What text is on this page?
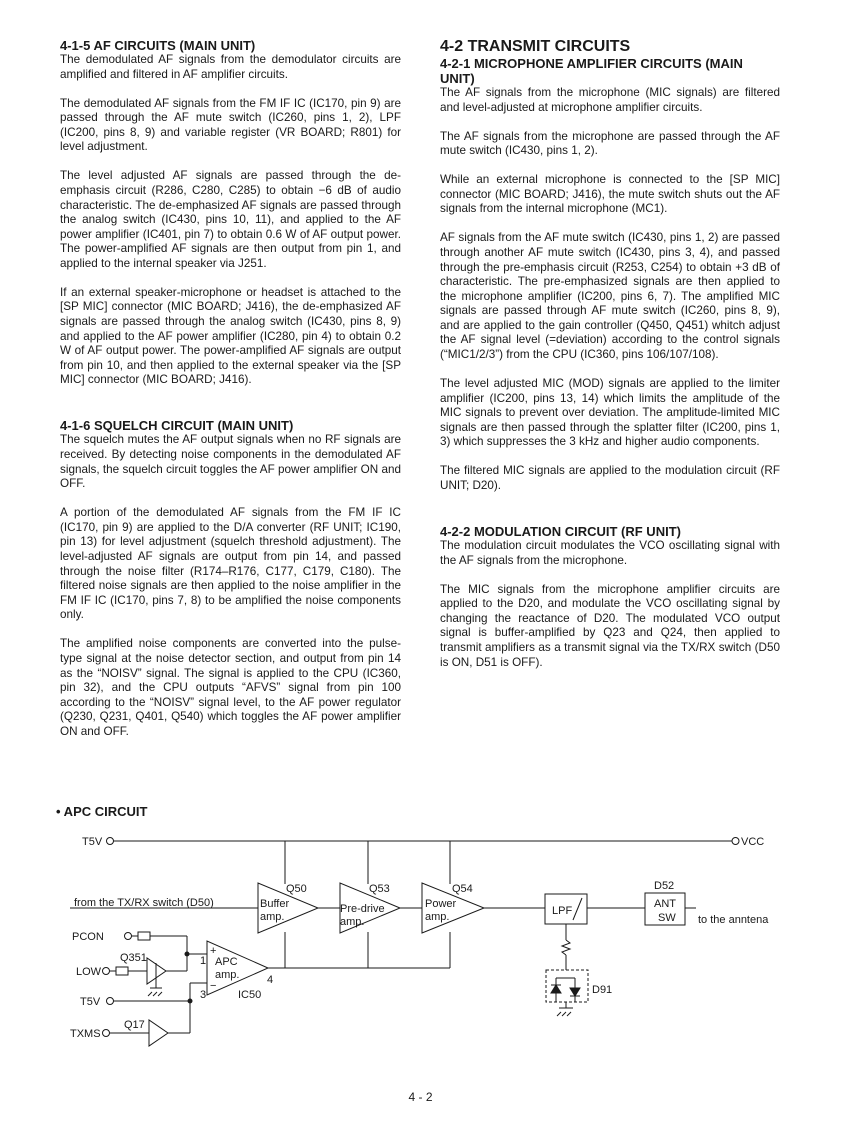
4-1-5 AF CIRCUITS (MAIN UNIT)

The demodulated AF signals from the demodulator circuits are amplified and filtered in AF amplifier circuits.

The demodulated AF signals from the FM IF IC (IC170, pin 9) are passed through the AF mute switch (IC260, pins 1, 2), LPF (IC200, pins 8, 9) and variable register (VR BOARD; R801) for level adjustment.

The level adjusted AF signals are passed through the de-emphasis circuit (R286, C280, C285) to obtain −6 dB of audio characteristic. The de-emphasized AF signals are passed through the analog switch (IC430, pins 10, 11), and applied to the AF power amplifier (IC401, pin 7) to obtain 0.6 W of AF output power. The power-amplified AF signals are then output from pin 1, and applied to the internal speaker via J251.

If an external speaker-microphone or headset is attached to the [SP MIC] connector (MIC BOARD; J416), the de-emphasized AF signals are passed through the analog switch (IC430, pins 8, 9) and applied to the AF power amplifier (IC280, pin 4) to obtain 0.2 W of AF output power. The power-amplified AF signals are output from pin 10, and then applied to the external speaker via the [SP MIC] connector (MIC BOARD; J416).

4-1-6 SQUELCH CIRCUIT (MAIN UNIT)

The squelch mutes the AF output signals when no RF signals are received. By detecting noise components in the demodulated AF signals, the squelch circuit toggles the AF power amplifier ON and OFF.

A portion of the demodulated AF signals from the FM IF IC (IC170, pin 9) are applied to the D/A converter (RF UNIT; IC190, pin 13) for level adjustment (squelch threshold adjustment). The level-adjusted AF signals are output from pin 14, and passed through the noise filter (R174–R176, C177, C179, C180). The filtered noise signals are then applied to the noise amplifier in the FM IF IC (IC170, pins 7, 8) to be amplified the noise components only.

The amplified noise components are converted into the pulse-type signal at the noise detector section, and output from pin 14 as the “NOISV” signal. The signal is applied to the CPU (IC360, pin 32), and the CPU outputs “AFVS” signal from pin 100 according to the “NOISV” signal level, to the AF power regulator (Q230, Q231, Q401, Q540) which toggles the AF power amplifier ON and OFF.

4-2 TRANSMIT CIRCUITS
4-2-1 MICROPHONE AMPLIFIER CIRCUITS (MAIN UNIT)

The AF signals from the microphone (MIC signals) are filtered and level-adjusted at microphone amplifier circuits.

The AF signals from the microphone are passed through the AF mute switch (IC430, pins 1, 2).

While an external microphone is connected to the [SP MIC] connector (MIC BOARD; J416), the mute switch shuts out the AF signals from the internal microphone (MC1).

AF signals from the AF mute switch (IC430, pins 1, 2) are passed through another AF mute switch (IC430, pins 3, 4), and passed through the pre-emphasis circuit (R253, C254) to obtain +3 dB of characteristic. The pre-emphasized signals are then applied to the microphone amplifier (IC200, pins 6, 7). The amplified MIC signals are passed through AF mute switch (IC260, pins 8, 9), and are applied to the gain controller (Q450, Q451) whitch adjust the AF signal level (=deviation) according to the control signals (“MIC1/2/3”) from the CPU (IC360, pins 106/107/108).

The level adjusted MIC (MOD) signals are applied to the limiter amplifier (IC200, pins 13, 14) which limits the amplitude of the MIC signals to prevent over deviation. The amplitude-limited MIC signals are then passed through the splatter filter (IC200, pins 1, 3) which suppresses the 3 kHz and higher audio components.

The filtered MIC signals are applied to the modulation circuit (RF UNIT; D20).

4-2-2 MODULATION CIRCUIT (RF UNIT)

The modulation circuit modulates the VCO oscillating signal with the AF signals from the microphone.

The MIC signals from the microphone amplifier circuits are applied to the D20, and modulate the VCO oscillating signal by changing the reactance of D20. The modulated VCO output signal is buffer-amplified by Q23 and Q24, then applied to transmit amplifiers as a transmit signal via the TX/RX switch (D50 is ON, D51 is OFF).

• APC CIRCUIT
T5V	VCC
from the TX/RX switch (D50)	Buffer
amp.
Q50
Pre-drive
amp.
Q53
Power
amp.
Q54
LPF
D52
ANT
SW to the anntena
PCON
LOW
Q351	APC
amp.
1
+
3
−	4
IC50
T5V
TXMS
Q17
D91
4 - 2
